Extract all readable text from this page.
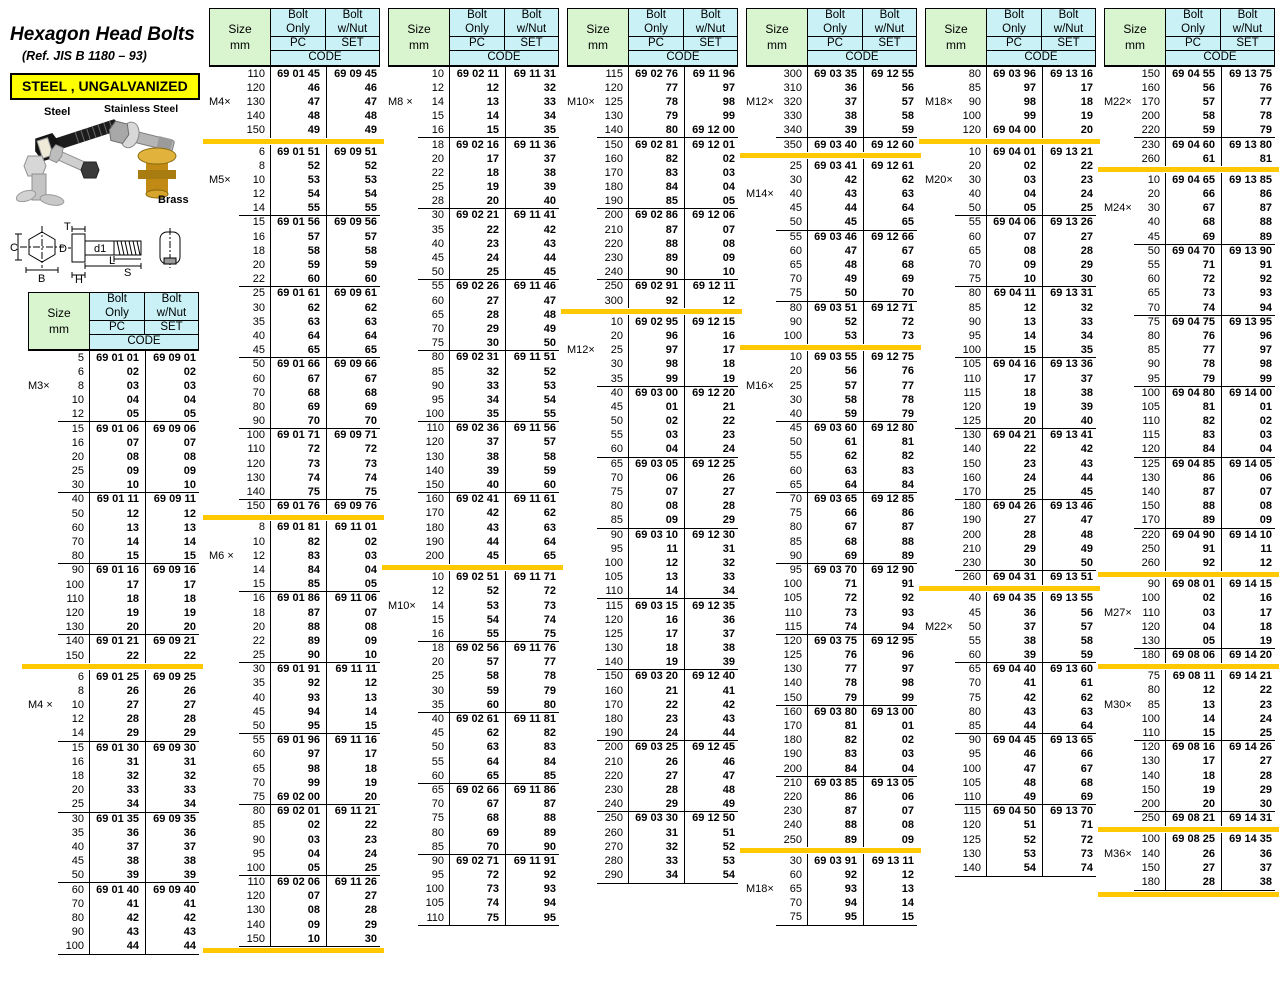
Hexagon Head Bolts
(Ref. JIS B 1180 – 93)
STEEL , UNGALVANIZED
Steel	Stainless Steel
Brass
C
B
T
D d1
H
S
L
Size
mm
Bolt
Only
Bolt
w/Nut
PC	SET
CODE
5	69 01 01	69 09 01
6	02	02
M3×	8	03	03
10	04	04
12	05	05
15	69 01 06	69 09 06
16	07	07
20	08	08
25	09	09
30	10	10
40	69 01 11	69 09 11
50	12	12
60	13	13
70	14	14
80	15	15
90	69 01 16	69 09 16
100	17	17
110	18	18
120	19	19
130	20	20
140	69 01 21	69 09 21
150	22	22
6	69 01 25	69 09 25
8	26	26
M4 ×	10	27	27
12	28	28
14	29	29
15	69 01 30	69 09 30
16	31	31
18	32	32
20	33	33
25	34	34
30	69 01 35	69 09 35
35	36	36
40	37	37
45	38	38
50	39	39
60	69 01 40	69 09 40
70	41	41
80	42	42
90	43	43
100	44	44
Size
mm
Bolt
Only
Bolt
w/Nut
PC	SET
CODE
110	69 01 45	69 09 45
120	46	46
M4×	130	47	47
140	48	48
150	49	49
6	69 01 51	69 09 51
8	52	52
M5×	10	53	53
12	54	54
14	55	55
15	69 01 56	69 09 56
16	57	57
18	58	58
20	59	59
22	60	60
25	69 01 61	69 09 61
30	62	62
35	63	63
40	64	64
45	65	65
50	69 01 66	69 09 66
60	67	67
70	68	68
80	69	69
90	70	70
100	69 01 71	69 09 71
110	72	72
120	73	73
130	74	74
140	75	75
150	69 01 76	69 09 76
8	69 01 81	69 11 01
10	82	02
M6 ×	12	83	03
14	84	04
15	85	05
16	69 01 86	69 11 06
18	87	07
20	88	08
22	89	09
25	90	10
30	69 01 91	69 11 11
35	92	12
40	93	13
45	94	14
50	95	15
55	69 01 96	69 11 16
60	97	17
65	98	18
70	99	19
75	69 02 00	20
80	69 02 01	69 11 21
85	02	22
90	03	23
95	04	24
100	05	25
110	69 02 06	69 11 26
120	07	27
130	08	28
140	09	29
150	10	30
Size
mm
Bolt
Only
Bolt
w/Nut
PC	SET
CODE
10	69 02 11	69 11 31
12	12	32
M8 ×	14	13	33
15	14	34
16	15	35
18	69 02 16	69 11 36
20	17	37
22	18	38
25	19	39
28	20	40
30	69 02 21	69 11 41
35	22	42
40	23	43
45	24	44
50	25	45
55	69 02 26	69 11 46
60	27	47
65	28	48
70	29	49
75	30	50
80	69 02 31	69 11 51
85	32	52
90	33	53
95	34	54
100	35	55
110	69 02 36	69 11 56
120	37	57
130	38	58
140	39	59
150	40	60
160	69 02 41	69 11 61
170	42	62
180	43	63
190	44	64
200	45	65
10	69 02 51	69 11 71
12	52	72
M10×	14	53	73
15	54	74
16	55	75
18	69 02 56	69 11 76
20	57	77
25	58	78
30	59	79
35	60	80
40	69 02 61	69 11 81
45	62	82
50	63	83
55	64	84
60	65	85
65	69 02 66	69 11 86
70	67	87
75	68	88
80	69	89
85	70	90
90	69 02 71	69 11 91
95	72	92
100	73	93
105	74	94
110	75	95
Size
mm
Bolt
Only
Bolt
w/Nut
PC	SET
CODE
115	69 02 76	69 11 96
120	77	97
M10× 125	78	98
130	79	99
140	80	69 12 00
150	69 02 81	69 12 01
160	82	02
170	83	03
180	84	04
190	85	05
200	69 02 86	69 12 06
210	87	07
220	88	08
230	89	09
240	90	10
250	69 02 91	69 12 11
300	92	12
10	69 02 95	69 12 15
20	96	16
M12×	25	97	17
30	98	18
35	99	19
40	69 03 00	69 12 20
45	01	21
50	02	22
55	03	23
60	04	24
65	69 03 05	69 12 25
70	06	26
75	07	27
80	08	28
85	09	29
90	69 03 10	69 12 30
95	11	31
100	12	32
105	13	33
110	14	34
115	69 03 15	69 12 35
120	16	36
125	17	37
130	18	38
140	19	39
150	69 03 20	69 12 40
160	21	41
170	22	42
180	23	43
190	24	44
200	69 03 25	69 12 45
210	26	46
220	27	47
230	28	48
240	29	49
250	69 03 30	69 12 50
260	31	51
270	32	52
280	33	53
290	34	54
Size
mm
Bolt
Only
Bolt
w/Nut
PC	SET
CODE
300	69 03 35	69 12 55
310	36	56
M12× 320	37	57
330	38	58
340	39	59
350	69 03 40	69 12 60
25	69 03 41	69 12 61
30	42	62
M14×	40	43	63
45	44	64
50	45	65
55	69 03 46	69 12 66
60	47	67
65	48	68
70	49	69
75	50	70
80	69 03 51	69 12 71
90	52	72
100	53	73
10	69 03 55	69 12 75
20	56	76
M16×	25	57	77
30	58	78
40	59	79
45	69 03 60	69 12 80
50	61	81
55	62	82
60	63	83
65	64	84
70	69 03 65	69 12 85
75	66	86
80	67	87
85	68	88
90	69	89
95	69 03 70	69 12 90
100	71	91
105	72	92
110	73	93
115	74	94
120	69 03 75	69 12 95
125	76	96
130	77	97
140	78	98
150	79	99
160	69 03 80	69 13 00
170	81	01
180	82	02
190	83	03
200	84	04
210	69 03 85	69 13 05
220	86	06
230	87	07
240	88	08
250	89	09
30	69 03 91	69 13 11
60	92	12
M18×	65	93	13
70	94	14
75	95	15
Size
mm
Bolt
Only
Bolt
w/Nut
PC	SET
CODE
80	69 03 96	69 13 16
85	97	17
M18×	90	98	18
100	99	19
120	69 04 00	20
10	69 04 01	69 13 21
20	02	22
M20×	30	03	23
40	04	24
50	05	25
55	69 04 06	69 13 26
60	07	27
65	08	28
70	09	29
75	10	30
80	69 04 11	69 13 31
85	12	32
90	13	33
95	14	34
100	15	35
105	69 04 16	69 13 36
110	17	37
115	18	38
120	19	39
125	20	40
130	69 04 21	69 13 41
140	22	42
150	23	43
160	24	44
170	25	45
180	69 04 26	69 13 46
190	27	47
200	28	48
210	29	49
230	30	50
260	69 04 31	69 13 51
40	69 04 35	69 13 55
45	36	56
M22×	50	37	57
55	38	58
60	39	59
65	69 04 40	69 13 60
70	41	61
75	42	62
80	43	63
85	44	64
90	69 04 45	69 13 65
95	46	66
100	47	67
105	48	68
110	49	69
115	69 04 50	69 13 70
120	51	71
125	52	72
130	53	73
140	54	74
Size
mm
Bolt
Only
Bolt
w/Nut
PC	SET
CODE
150	69 04 55	69 13 75
160	56	76
M22× 170	57	77
200	58	78
220	59	79
230	69 04 60	69 13 80
260	61	81
10	69 04 65	69 13 85
20	66	86
M24×	30	67	87
40	68	88
45	69	89
50	69 04 70	69 13 90
55	71	91
60	72	92
65	73	93
70	74	94
75	69 04 75	69 13 95
80	76	96
85	77	97
90	78	98
95	79	99
100	69 04 80	69 14 00
105	81	01
110	82	02
115	83	03
120	84	04
125	69 04 85	69 14 05
130	86	06
140	87	07
150	88	08
170	89	09
220	69 04 90	69 14 10
250	91	11
260	92	12
90	69 08 01	69 14 15
100	02	16
M27× 110	03	17
120	04	18
130	05	19
180	69 08 06	69 14 20
75	69 08 11	69 14 21
80	12	22
M30×	85	13	23
100	14	24
110	15	25
120	69 08 16	69 14 26
130	17	27
140	18	28
150	19	29
200	20	30
250	69 08 21	69 14 31
100	69 08 25	69 14 35
M36× 140	26	36
150	27	37
180	28	38
